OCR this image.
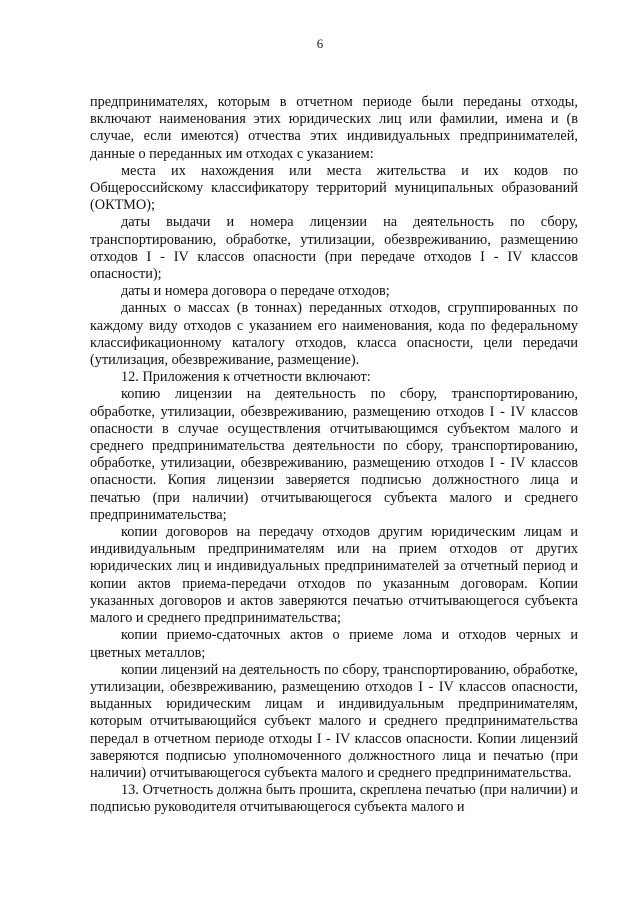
6

предпринимателях, которым в отчетном периоде были переданы отходы, включают наименования этих юридических лиц или фамилии, имена и (в случае, если имеются) отчества этих индивидуальных предпринимателей, данные о переданных им отходах с указанием:

места их нахождения или места жительства и их кодов по Общероссийскому классификатору территорий муниципальных образований (ОКТМО);

даты выдачи и номера лицензии на деятельность по сбору, транспортированию, обработке, утилизации, обезвреживанию, размещению отходов I - IV классов опасности (при передаче отходов I - IV классов опасности);

даты и номера договора о передаче отходов;

данных о массах (в тоннах) переданных отходов, сгруппированных по каждому виду отходов с указанием его наименования, кода по федеральному классификационному каталогу отходов, класса опасности, цели передачи (утилизация, обезвреживание, размещение).

12. Приложения к отчетности включают:

копию лицензии на деятельность по сбору, транспортированию, обработке, утилизации, обезвреживанию, размещению отходов I - IV классов опасности в случае осуществления отчитывающимся субъектом малого и среднего предпринимательства деятельности по сбору, транспортированию, обработке, утилизации, обезвреживанию, размещению отходов I - IV классов опасности. Копия лицензии заверяется подписью должностного лица и печатью (при наличии) отчитывающегося субъекта малого и среднего предпринимательства;

копии договоров на передачу отходов другим юридическим лицам и индивидуальным предпринимателям или на прием отходов от других юридических лиц и индивидуальных предпринимателей за отчетный период и копии актов приема-передачи отходов по указанным договорам. Копии указанных договоров и актов заверяются печатью отчитывающегося субъекта малого и среднего предпринимательства;

копии приемо-сдаточных актов о приеме лома и отходов черных и цветных металлов;

копии лицензий на деятельность по сбору, транспортированию, обработке, утилизации, обезвреживанию, размещению отходов I - IV классов опасности, выданных юридическим лицам и индивидуальным предпринимателям, которым отчитывающийся субъект малого и среднего предпринимательства передал в отчетном периоде отходы I - IV классов опасности. Копии лицензий заверяются подписью уполномоченного должностного лица и печатью (при наличии) отчитывающегося субъекта малого и среднего предпринимательства.

13. Отчетность должна быть прошита, скреплена печатью (при наличии) и подписью руководителя отчитывающегося субъекта малого и
